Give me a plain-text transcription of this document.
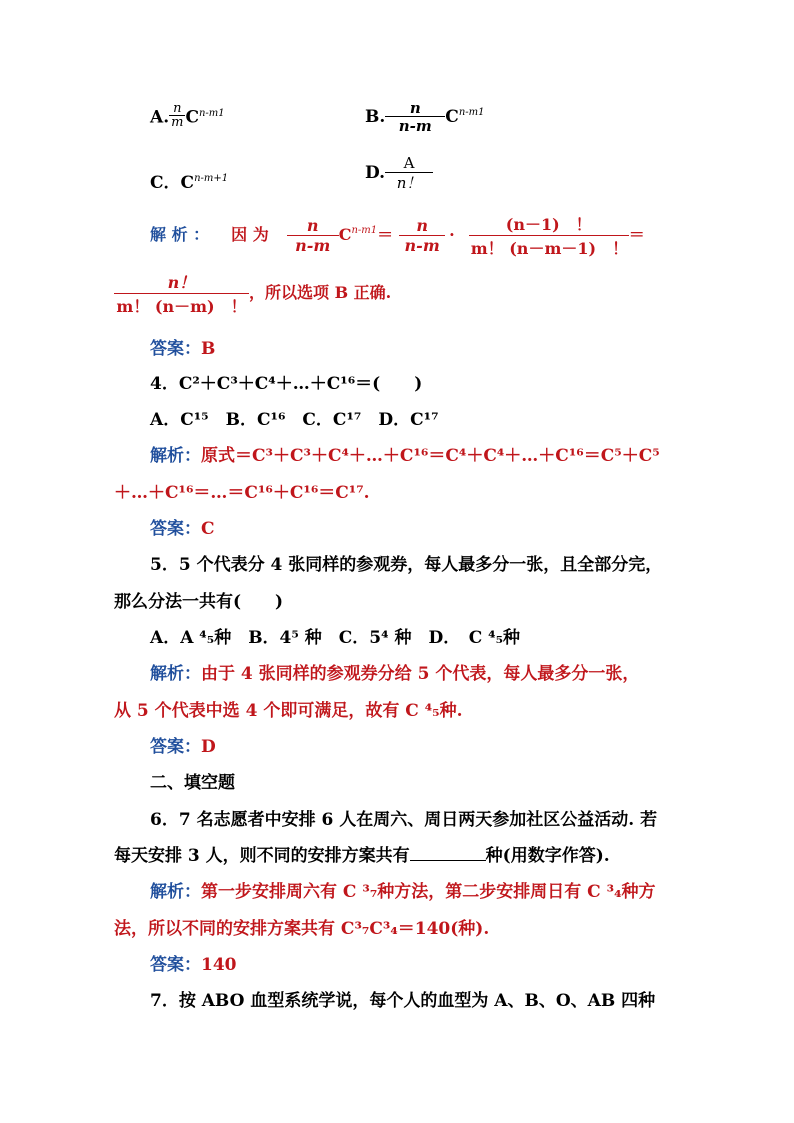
A. $\frac{n}{m} C^{n-m1}$	B. $\frac{n}{n-m} C^{n-m1}$
C．$C^{n-m+1}$	D. $\frac{A}{n!}$
解 析 ： 因 为 $\frac{n}{n-m} C^{n-m1}= \frac{n}{n-m} \cdot \frac{(n-1) !}{m! (n-m-1) !}$ ＝
$\frac{n!}{m! (n-m) !}$ ，所以选项 B 正确.
答案：B
4．C²＋C³＋C⁴＋…＋C¹⁶＝(　　)
A．C¹⁵　B．C¹⁶　C．C¹⁷　D．C¹⁷
解析：原式＝C³＋C³＋C⁴＋…＋C¹⁶＝C⁴＋C⁴＋…＋C¹⁶＝C⁵＋C⁵
＋…＋C¹⁶＝…＝C¹⁶＋C¹⁶＝C¹⁷.
答案：C
5．5 个代表分 4 张同样的参观券，每人最多分一张，且全部分完，
那么分法一共有(　　)
A．A ⁴₅种　B．4⁵ 种　C．5⁴ 种　D．　C ⁴₅种
解析：由于 4 张同样的参观券分给 5 个代表，每人最多分一张，
从 5 个代表中选 4 个即可满足，故有 C ⁴₅种.
答案：D
二、填空题
6．7 名志愿者中安排 6 人在周六、周日两天参加社区公益活动. 若
每天安排 3 人，则不同的安排方案共有	种(用数字作答).
解析：第一步安排周六有 C ³₇种方法，第二步安排周日有 C ³₄种方
法，所以不同的安排方案共有 C³₇C³₄＝140(种).
答案：140
7．按 ABO 血型系统学说，每个人的血型为 A、B、O、AB 四种
